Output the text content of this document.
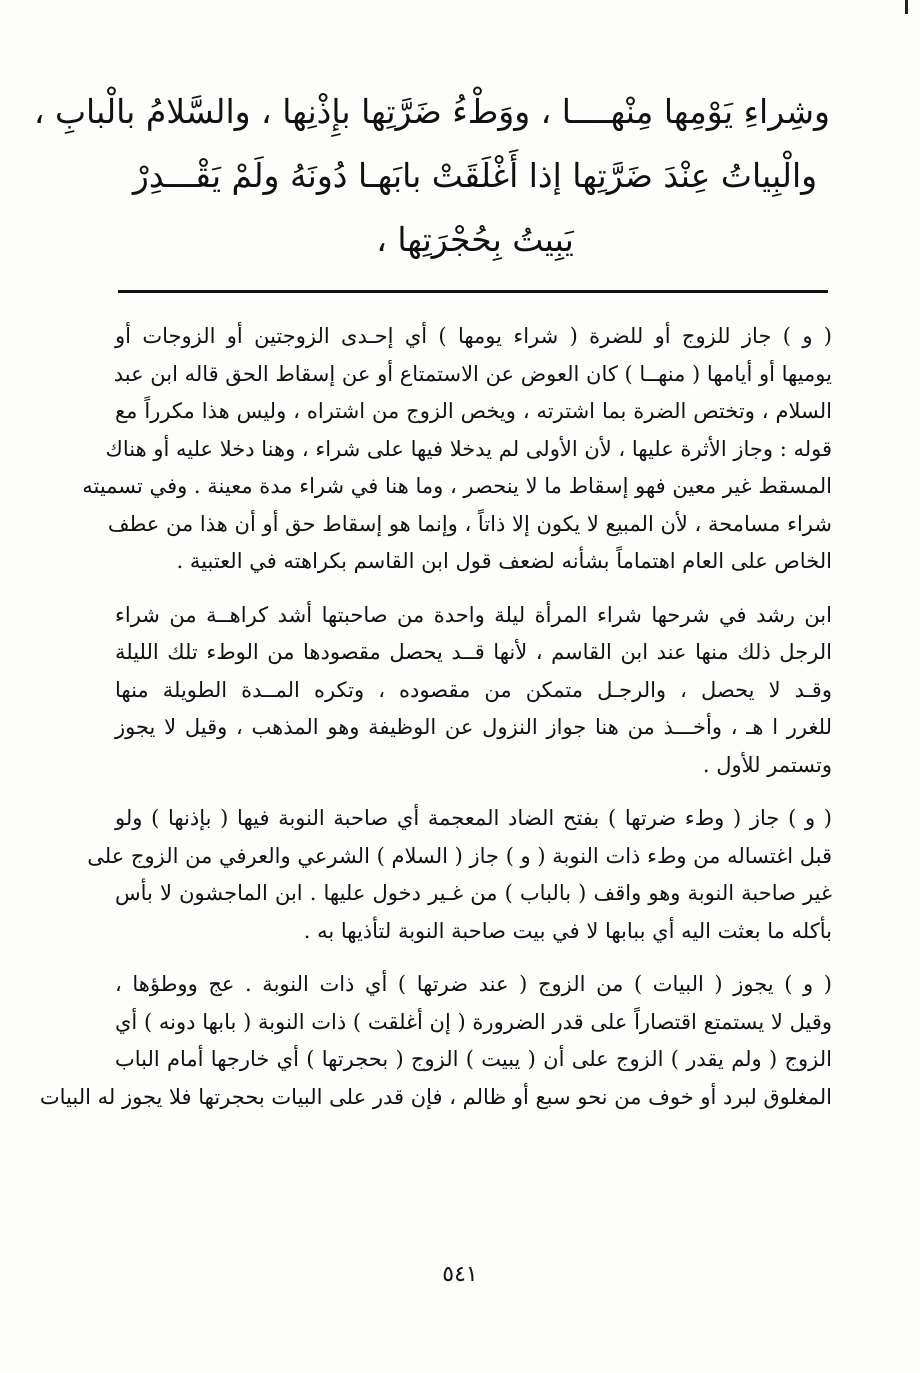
وشِراءِ يَوْمِها مِنْهــــا ، ووَطْءُ ضَرَّتِها بإِذْنِها ، والسَّلامُ بالْبابِ ،
والْبِياتُ عِنْدَ ضَرَّتِها إذا أَغْلَقَتْ بابَهـا دُونَهُ ولَمْ يَقْـــدِرْ
يَبِيتُ بِحُجْرَتِها ،
( و ) جاز للزوج أو للضرة ( شراء يومها ) أي إحـدى الزوجتين أو الزوجات أو
يوميها أو أيامها ( منهــا ) كان العوض عن الاستمتاع أو عن إسقاط الحق قاله ابن عبد
السلام ، وتختص الضرة بما اشترته ، ويخص الزوج من اشتراه ، وليس هذا مكرراً مع
قوله : وجاز الأثرة عليها ، لأن الأولى لم يدخلا فيها على شراء ، وهنا دخلا عليه أو هناك
المسقط غير معين فهو إسقاط ما لا ينحصر ، وما هنا في شراء مدة معينة . وفي تسميته
شراء مسامحة ، لأن المبيع لا يكون إلا ذاتاً ، وإنما هو إسقاط حق أو أن هذا من عطف
الخاص على العام اهتماماً بشأنه لضعف قول ابن القاسم بكراهته في العتبية .
ابن رشد في شرحها شراء المرأة ليلة واحدة من صاحبتها أشد كراهــة من شراء
الرجل ذلك منها عند ابن القاسم ، لأنها قــد يحصل مقصودها من الوطء تلك الليلة
وقـد لا يحصل ، والرجـل متمكن من مقصوده ، وتكره المــدة الطويلة منها
للغرر ا هـ ، وأخـــذ من هنا جواز النزول عن الوظيفة وهو المذهب ، وقيل لا يجوز
وتستمر للأول .
( و ) جاز ( وطء ضرتها ) بفتح الضاد المعجمة أي صاحبة النوبة فيها ( بإذنها ) ولو
قبل اغتساله من وطء ذات النوبة ( و ) جاز ( السلام ) الشرعي والعرفي من الزوج على
غير صاحبة النوبة وهو واقف ( بالباب ) من غـير دخول عليها . ابن الماجشون لا بأس
بأكله ما بعثت اليه أي ببابها لا في بيت صاحبة النوبة لتأذيها به .
( و ) يجوز ( البيات ) من الزوج ( عند ضرتها ) أي ذات النوبة . عج ووطؤها ،
وقيل لا يستمتع اقتصاراً على قدر الضرورة ( إن أغلقت ) ذات النوبة ( بابها دونه ) أي
الزوج ( ولم يقدر ) الزوج على أن ( يبيت ) الزوج ( بحجرتها ) أي خارجها أمام الباب
المغلوق لبرد أو خوف من نحو سبع أو ظالم ، فإن قدر على البيات بحجرتها فلا يجوز له البيات
٥٤١
